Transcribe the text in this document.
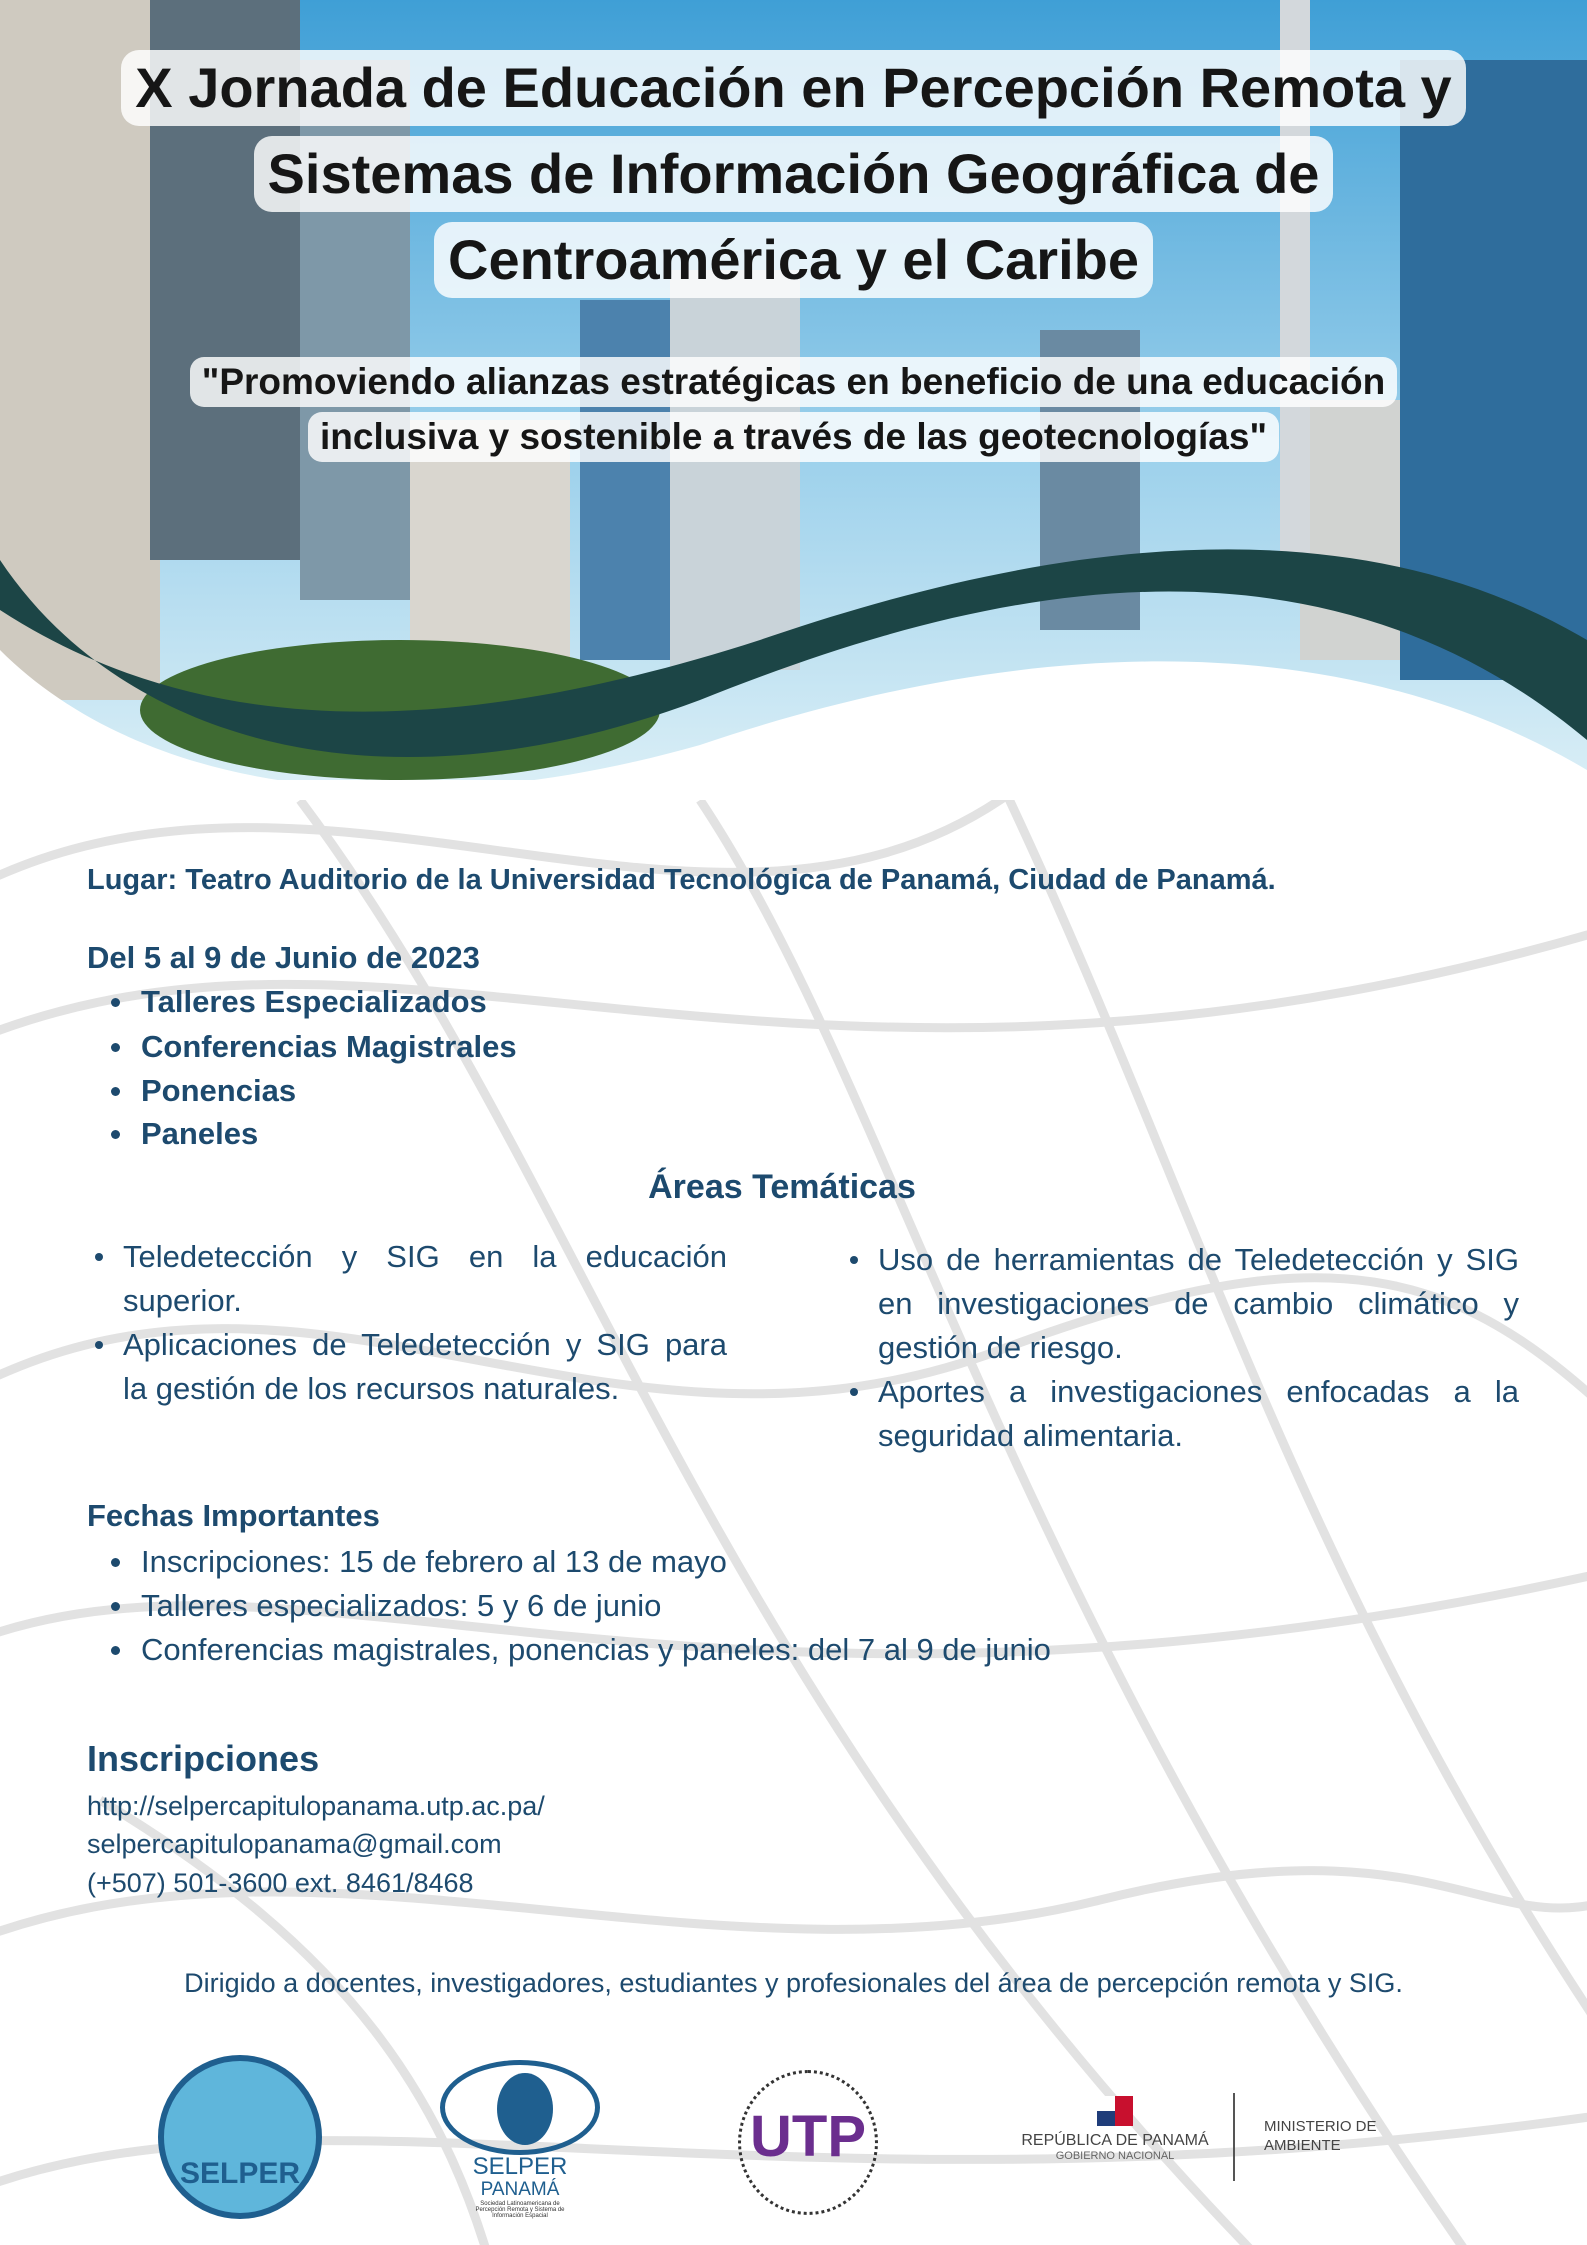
X Jornada de Educación en Percepción Remota y
Sistemas de Información Geográfica de
Centroamérica y el Caribe
"Promoviendo alianzas estratégicas en beneficio de una educación
inclusiva y sostenible a través de las geotecnologías"
Lugar: Teatro Auditorio de la Universidad Tecnológica de Panamá, Ciudad de Panamá.
Del 5 al 9 de Junio de 2023
Talleres Especializados
Conferencias Magistrales
Ponencias
Paneles
Áreas Temáticas
Teledetección y SIG en la educación superior.
Aplicaciones de Teledetección y SIG para la gestión de los recursos naturales.
Uso de herramientas de Teledetección y SIG en investigaciones de cambio climático y gestión de riesgo.
Aportes a investigaciones enfocadas a la seguridad alimentaria.
Fechas Importantes
Inscripciones: 15 de febrero al 13 de mayo
Talleres especializados: 5 y 6 de junio
Conferencias magistrales, ponencias y paneles: del 7 al 9 de junio
Inscripciones
http://selpercapitulopanama.utp.ac.pa/
selpercapitulopanama@gmail.com
(+507) 501-3600 ext. 8461/8468
Dirigido a docentes, investigadores, estudiantes y profesionales del área de percepción remota y SIG.
SELPER	SELPER
PANAMÁ
Sociedad Latinoamericana de Percepción Remota y Sistema de Información Espacial
UTP	REPÚBLICA DE PANAMÁ
GOBIERNO NACIONAL
MINISTERIO DE
AMBIENTE
